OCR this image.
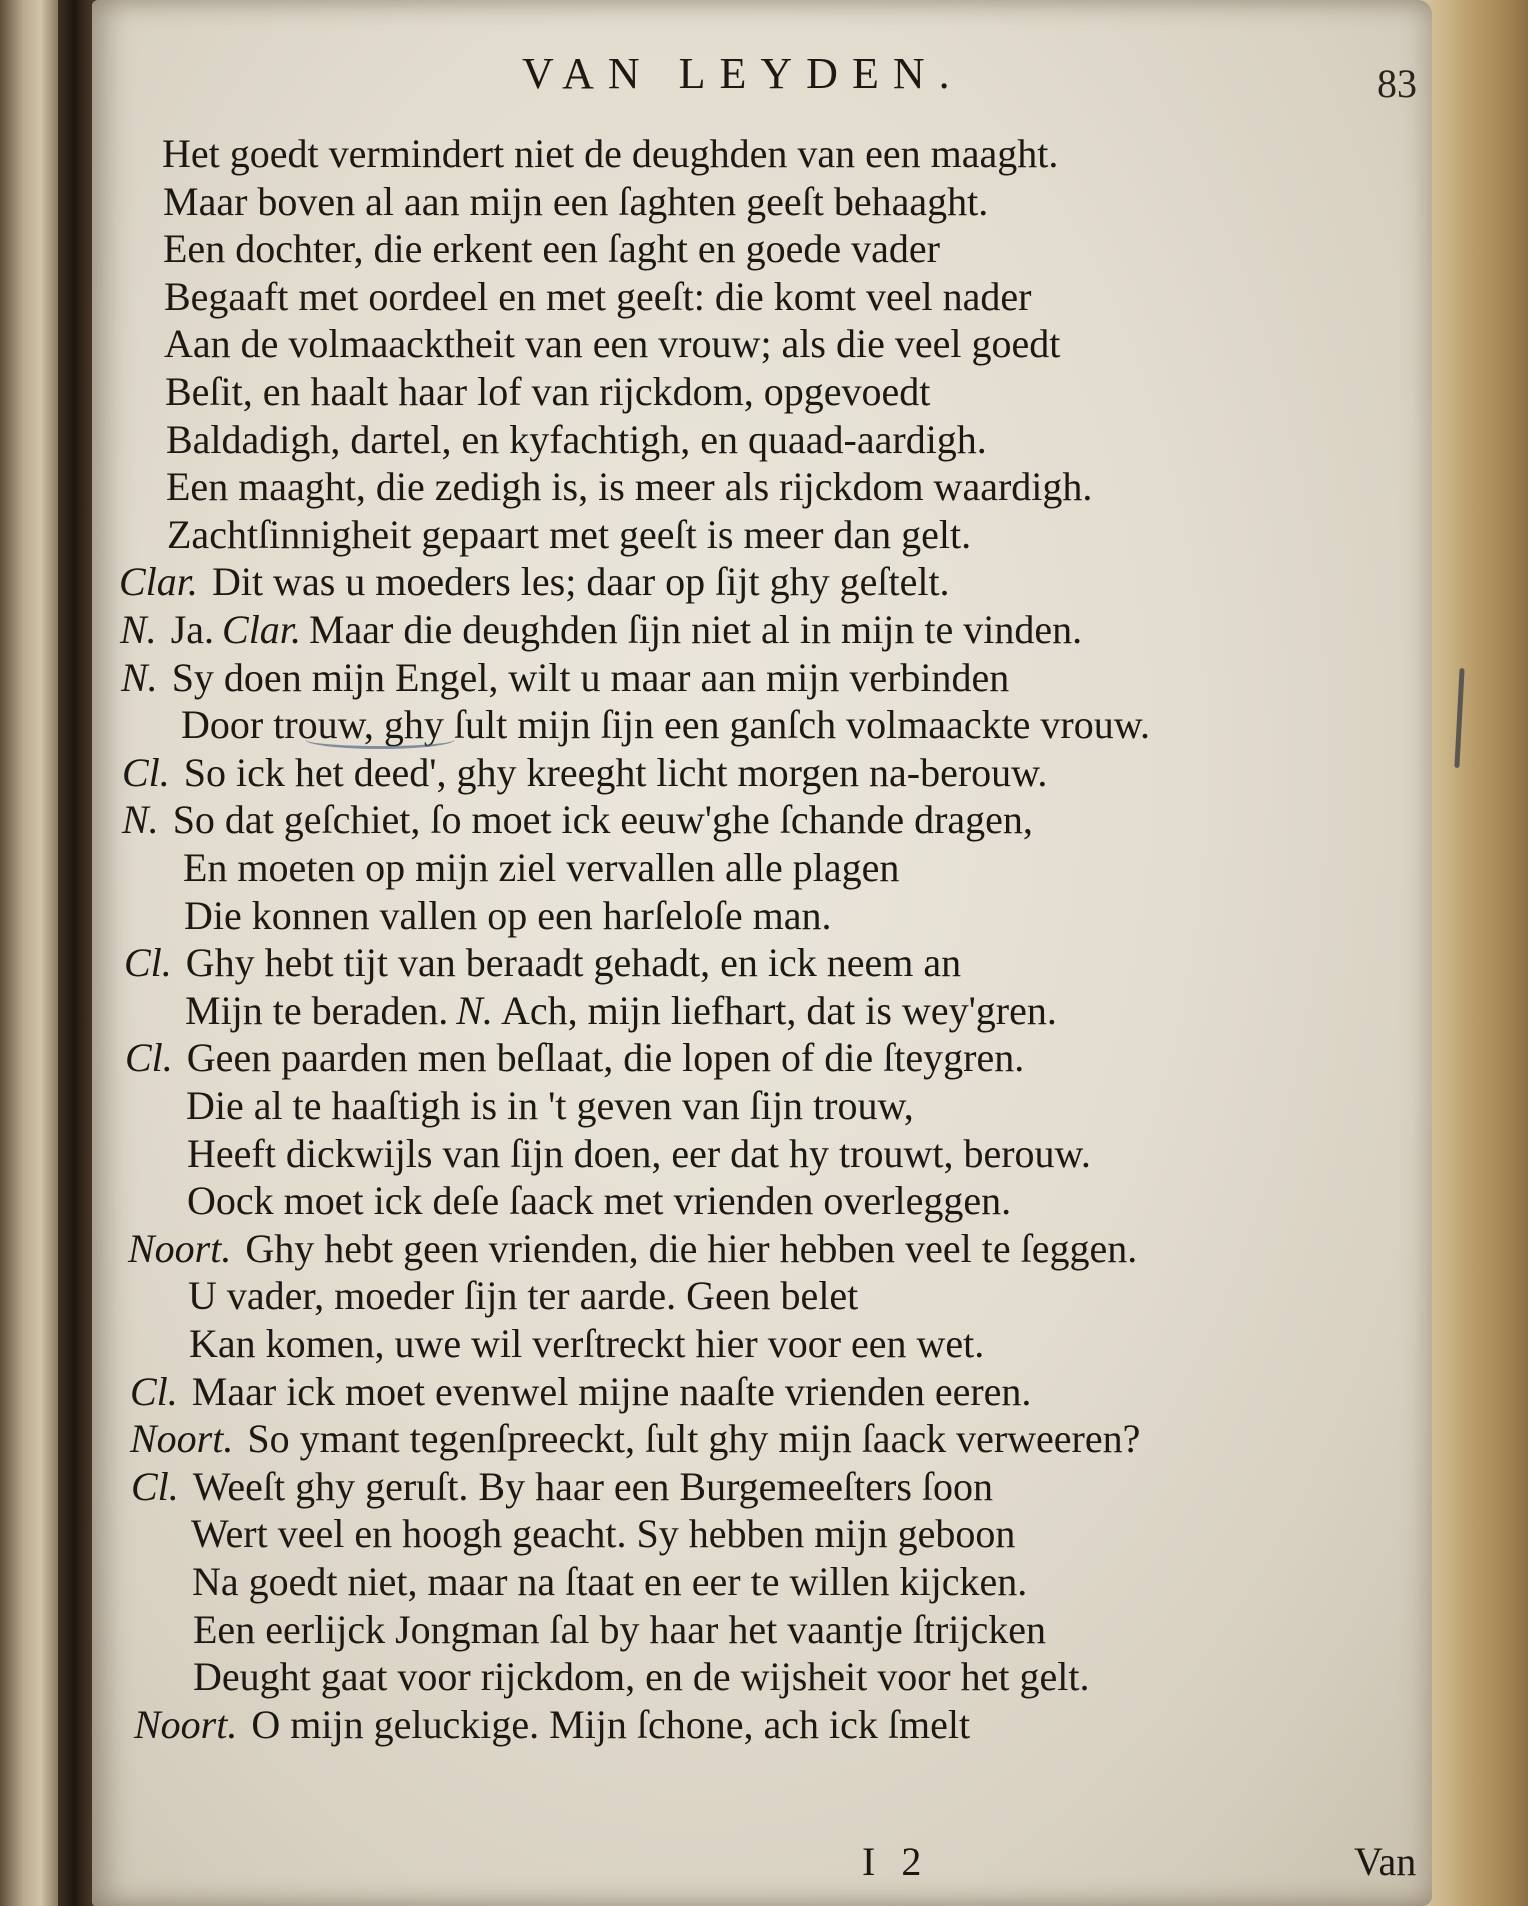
VAN LEYDEN.	83
Het goedt vermindert niet de deughden van een maaght.
Maar boven al aan mijn een ſaghten geeſt behaaght.
Een dochter, die erkent een ſaght en goede vader
Begaaft met oordeel en met geeſt: die komt veel nader
Aan de volmaacktheit van een vrouw; als die veel goedt
Beſit, en haalt haar lof van rijckdom, opgevoedt
Baldadigh, dartel, en kyfachtigh, en quaad-aardigh.
Een maaght, die zedigh is, is meer als rijckdom waardigh.
Zachtſinnigheit gepaart met geeſt is meer dan gelt.
Clar. Dit was u moeders les; daar op ſijt ghy geſtelt.
N. Ja. Clar. Maar die deughden ſijn niet al in mijn te vinden.
N. Sy doen mijn Engel, wilt u maar aan mijn verbinden
Door trouw, ghy ſult mijn ſijn een ganſch volmaackte vrouw.
Cl. So ick het deed', ghy kreeght licht morgen na-berouw.
N. So dat geſchiet, ſo moet ick eeuw'ghe ſchande dragen,
En moeten op mijn ziel vervallen alle plagen
Die konnen vallen op een harſeloſe man.
Cl. Ghy hebt tijt van beraadt gehadt, en ick neem an
Mijn te beraden. N. Ach, mijn liefhart, dat is wey'gren.
Cl. Geen paarden men beſlaat, die lopen of die ſteygren.
Die al te haaſtigh is in 't geven van ſijn trouw,
Heeft dickwijls van ſijn doen, eer dat hy trouwt, berouw.
Oock moet ick deſe ſaack met vrienden overleggen.
Noort. Ghy hebt geen vrienden, die hier hebben veel te ſeggen.
U vader, moeder ſijn ter aarde. Geen belet
Kan komen, uwe wil verſtreckt hier voor een wet.
Cl. Maar ick moet evenwel mijne naaſte vrienden eeren.
Noort. So ymant tegenſpreeckt, ſult ghy mijn ſaack verweeren?
Cl. Weeſt ghy geruſt. By haar een Burgemeeſters ſoon
Wert veel en hoogh geacht. Sy hebben mijn geboon
Na goedt niet, maar na ſtaat en eer te willen kijcken.
Een eerlijck Jongman ſal by haar het vaantje ſtrijcken
Deught gaat voor rijckdom, en de wijsheit voor het gelt.
Noort. O mijn geluckige. Mijn ſchone, ach ick ſmelt
I 2	Van
